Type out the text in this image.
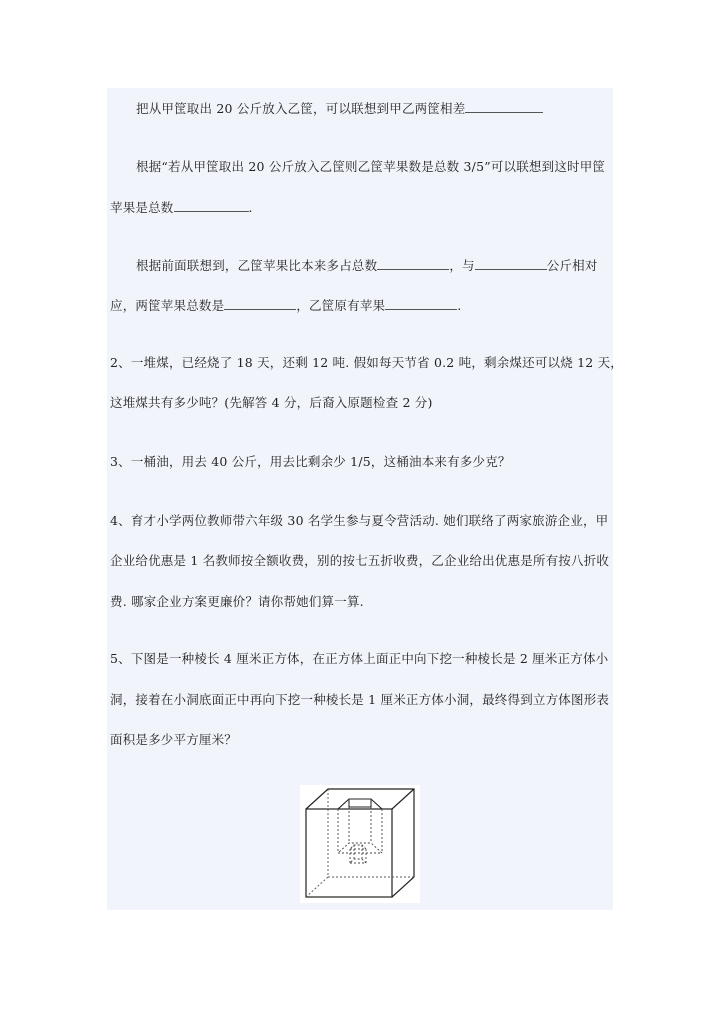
把从甲筐取出 20 公斤放入乙筐，可以联想到甲乙两筐相差
根据“若从甲筐取出 20 公斤放入乙筐则乙筐苹果数是总数 3/5”可以联想到这时甲筐
苹果是总数	.
根据前面联想到，乙筐苹果比本来多占总数	，与	公斤相对
应，两筐苹果总数是	，乙筐原有苹果	.
2、一堆煤，已经烧了 18 天，还剩 12 吨. 假如每天节省 0.2 吨，剩余煤还可以烧 12 天，
这堆煤共有多少吨？(先解答 4 分，后裔入原题检查 2 分)
3、一桶油，用去 40 公斤，用去比剩余少 1/5，这桶油本来有多少克？
4、育才小学两位教师带六年级 30 名学生参与夏令营活动. 她们联络了两家旅游企业，甲
企业给优惠是 1 名教师按全额收费，别的按七五折收费，乙企业给出优惠是所有按八折收
费. 哪家企业方案更廉价？请你帮她们算一算.
5、下图是一种棱长 4 厘米正方体，在正方体上面正中向下挖一种棱长是 2 厘米正方体小
洞，接着在小洞底面正中再向下挖一种棱长是 1 厘米正方体小洞，最终得到立方体图形表
面积是多少平方厘米？
